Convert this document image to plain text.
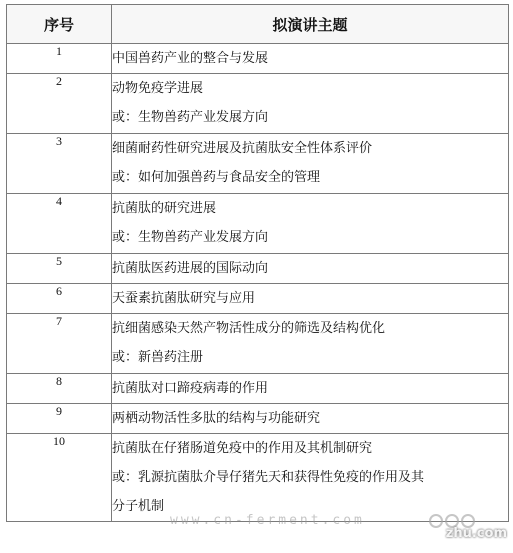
序号	拟演讲主题
1	中国兽药产业的整合与发展

2	动物免疫学进展
或：生物兽药产业发展方向

3	细菌耐药性研究进展及抗菌肽安全性体系评价
或：如何加强兽药与食品安全的管理

4	抗菌肽的研究进展
或：生物兽药产业发展方向

5	抗菌肽医药进展的国际动向

6	天蚕素抗菌肽研究与应用

7	抗细菌感染天然产物活性成分的筛选及结构优化
或：新兽药注册

8	抗菌肽对口蹄疫病毒的作用

9	两栖动物活性多肽的结构与功能研究

10	抗菌肽在仔猪肠道免疫中的作用及其机制研究
或：乳源抗菌肽介导仔猪先天和获得性免疫的作用及其
分子机制
www.cn-ferment.com
zhu.com
